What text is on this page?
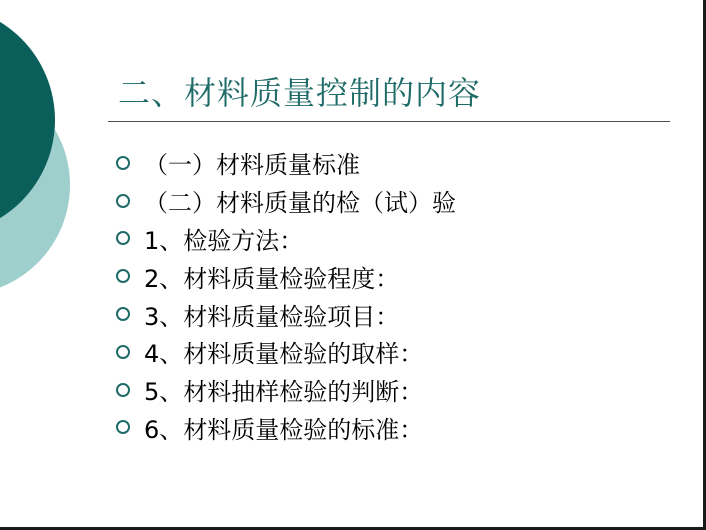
二、材料质量控制的内容
（一）材料质量标准
（二）材料质量的检（试）验
1、检验方法：
2、材料质量检验程度：
3、材料质量检验项目：
4、材料质量检验的取样：
5、材料抽样检验的判断：
6、材料质量检验的标准：
